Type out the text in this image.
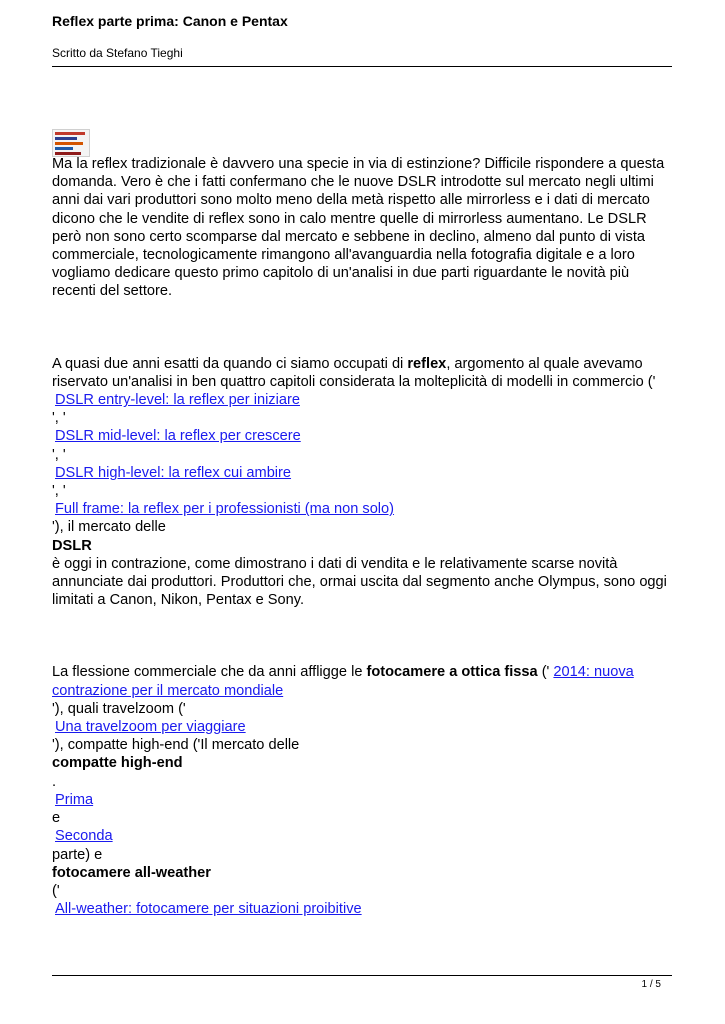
Reflex parte prima: Canon e Pentax
Scritto da Stefano Tieghi

Ma la reflex tradizionale è davvero una specie in via di estinzione? Difficile rispondere a questa domanda. Vero è che i fatti confermano che le nuove DSLR introdotte sul mercato negli ultimi anni dai vari produttori sono molto meno della metà rispetto alle mirrorless e i dati di mercato dicono che le vendite di reflex sono in calo mentre quelle di mirrorless aumentano. Le DSLR però non sono certo scomparse dal mercato e sebbene in declino, almeno dal punto di vista commerciale, tecnologicamente rimangono all'avanguardia nella fotografia digitale e a loro vogliamo dedicare questo primo capitolo di un'analisi in due parti riguardante le novità più recenti del settore.

A quasi due anni esatti da quando ci siamo occupati di reflex, argomento al quale avevamo riservato un'analisi in ben quattro capitoli considerata la molteplicità di modelli in commercio ('
DSLR entry-level: la reflex per iniziare
', '
DSLR mid-level: la reflex per crescere
', '
DSLR high-level: la reflex cui ambire
', '
Full frame: la reflex per i professionisti (ma non solo)
'), il mercato delle
DSLR
è oggi in contrazione, come dimostrano i dati di vendita e le relativamente scarse novità annunciate dai produttori. Produttori che, ormai uscita dal segmento anche Olympus, sono oggi limitati a Canon, Nikon, Pentax e Sony.

La flessione commerciale che da anni affligge le fotocamere a ottica fissa (' 2014: nuova contrazione per il mercato mondiale
'), quali travelzoom ('
Una travelzoom per viaggiare
'), compatte high-end ('Il mercato delle
compatte high-end
.
Prima
e
Seconda
parte) e
fotocamere all-weather
('
All-weather: fotocamere per situazioni proibitive

1 / 5
